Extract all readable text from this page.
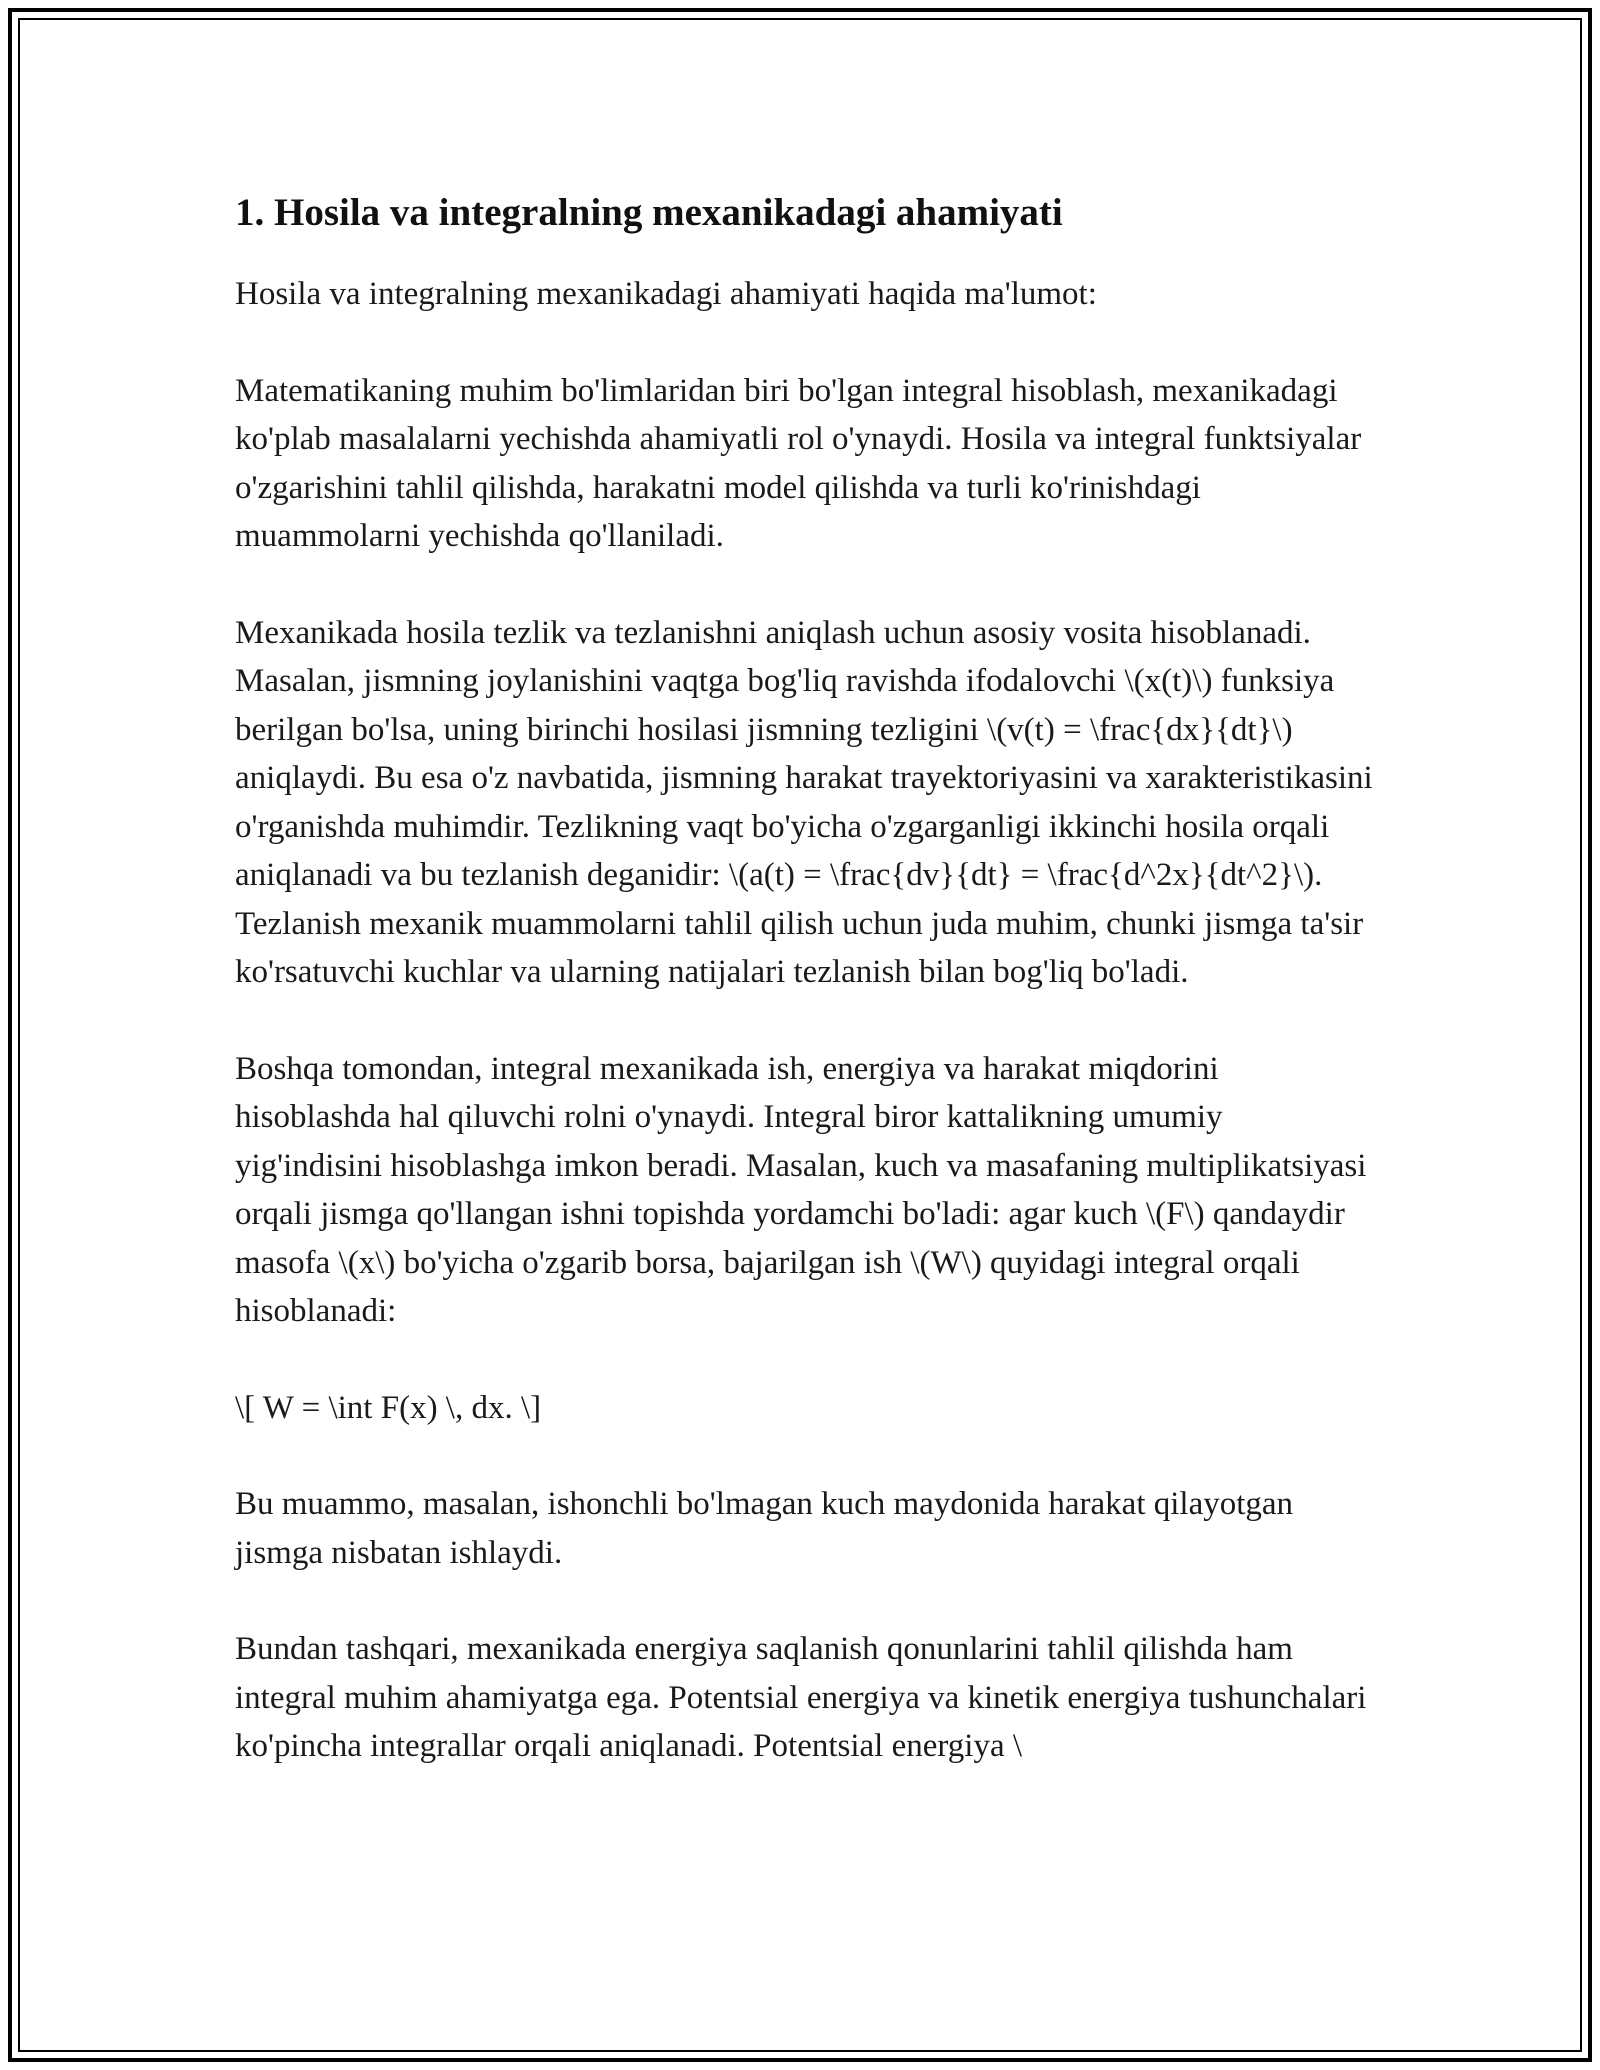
1. Hosila va integralning mexanikadagi ahamiyati

Hosila va integralning mexanikadagi ahamiyati haqida ma'lumot:

Matematikaning muhim bo'limlaridan biri bo'lgan integral hisoblash, mexanikadagi ko'plab masalalarni yechishda ahamiyatli rol o'ynaydi. Hosila va integral funktsiyalar o'zgarishini tahlil qilishda, harakatni model qilishda va turli ko'rinishdagi muammolarni yechishda qo'llaniladi.

Mexanikada hosila tezlik va tezlanishni aniqlash uchun asosiy vosita hisoblanadi. Masalan, jismning joylanishini vaqtga bog'liq ravishda ifodalovchi \(x(t)\) funksiya berilgan bo'lsa, uning birinchi hosilasi jismning tezligini \(v(t) = \frac{dx}{dt}\) aniqlaydi. Bu esa o'z navbatida, jismning harakat trayektoriyasini va xarakteristikasini o'rganishda muhimdir. Tezlikning vaqt bo'yicha o'zgarganligi ikkinchi hosila orqali aniqlanadi va bu tezlanish deganidir: \(a(t) = \frac{dv}{dt} = \frac{d^2x}{dt^2}\). Tezlanish mexanik muammolarni tahlil qilish uchun juda muhim, chunki jismga ta'sir ko'rsatuvchi kuchlar va ularning natijalari tezlanish bilan bog'liq bo'ladi.

Boshqa tomondan, integral mexanikada ish, energiya va harakat miqdorini hisoblashda hal qiluvchi rolni o'ynaydi. Integral biror kattalikning umumiy yig'indisini hisoblashga imkon beradi. Masalan, kuch va masafaning multiplikatsiyasi orqali jismga qo'llangan ishni topishda yordamchi bo'ladi: agar kuch \(F\) qandaydir masofa \(x\) bo'yicha o'zgarib borsa, bajarilgan ish \(W\) quyidagi integral orqali hisoblanadi:

\[ W = \int F(x) \, dx. \]

Bu muammo, masalan, ishonchli bo'lmagan kuch maydonida harakat qilayotgan jismga nisbatan ishlaydi.

Bundan tashqari, mexanikada energiya saqlanish qonunlarini tahlil qilishda ham integral muhim ahamiyatga ega. Potentsial energiya va kinetik energiya tushunchalari ko'pincha integrallar orqali aniqlanadi. Potentsial energiya \
